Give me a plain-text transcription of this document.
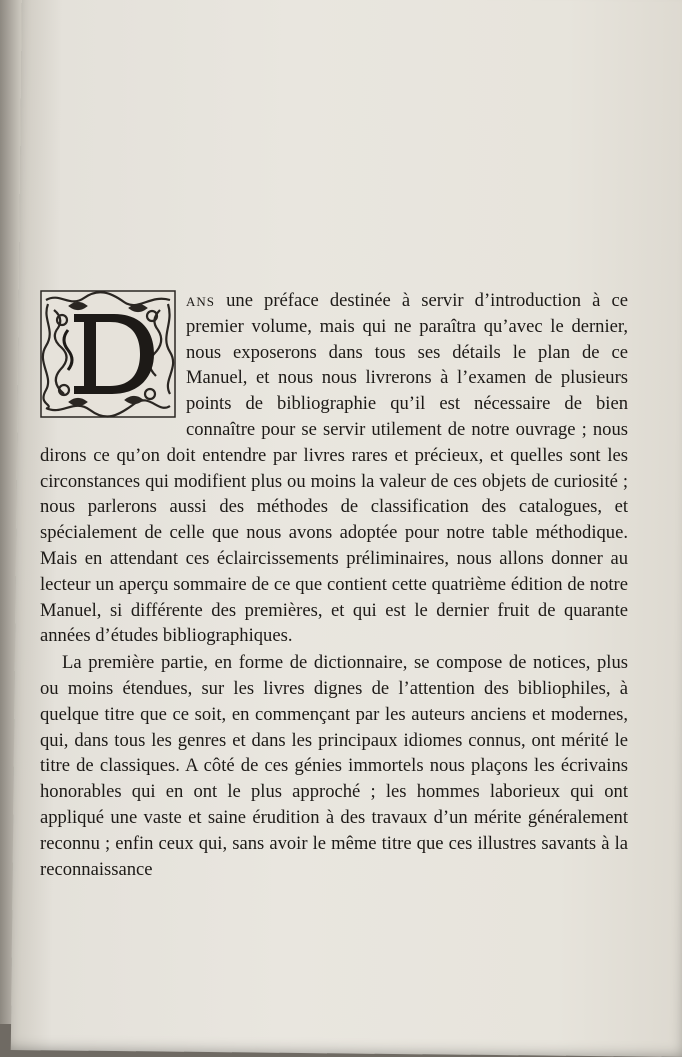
ans une préface destinée à servir d’introduction à ce premier volume, mais qui ne paraîtra qu’avec le dernier, nous exposerons dans tous ses détails le plan de ce Manuel, et nous nous livrerons à l’examen de plusieurs points de bibliographie qu’il est nécessaire de bien connaître pour se servir utilement de notre ouvrage ; nous dirons ce qu’on doit entendre par livres rares et précieux, et quelles sont les circonstances qui modifient plus ou moins la valeur de ces objets de curiosité ; nous parlerons aussi des méthodes de classification des catalogues, et spécialement de celle que nous avons adoptée pour notre table méthodique. Mais en attendant ces éclaircissements préliminaires, nous allons donner au lecteur un aperçu sommaire de ce que contient cette quatrième édition de notre Manuel, si différente des premières, et qui est le dernier fruit de quarante années d’études bibliographiques.

La première partie, en forme de dictionnaire, se compose de notices, plus ou moins étendues, sur les livres dignes de l’attention des bibliophiles, à quelque titre que ce soit, en commençant par les auteurs anciens et modernes, qui, dans tous les genres et dans les principaux idiomes connus, ont mérité le titre de classiques. A côté de ces génies immortels nous plaçons les écrivains honorables qui en ont le plus approché ; les hommes laborieux qui ont appliqué une vaste et saine érudition à des travaux d’un mérite généralement reconnu ; enfin ceux qui, sans avoir le même titre que ces illustres savants à la reconnaissance
